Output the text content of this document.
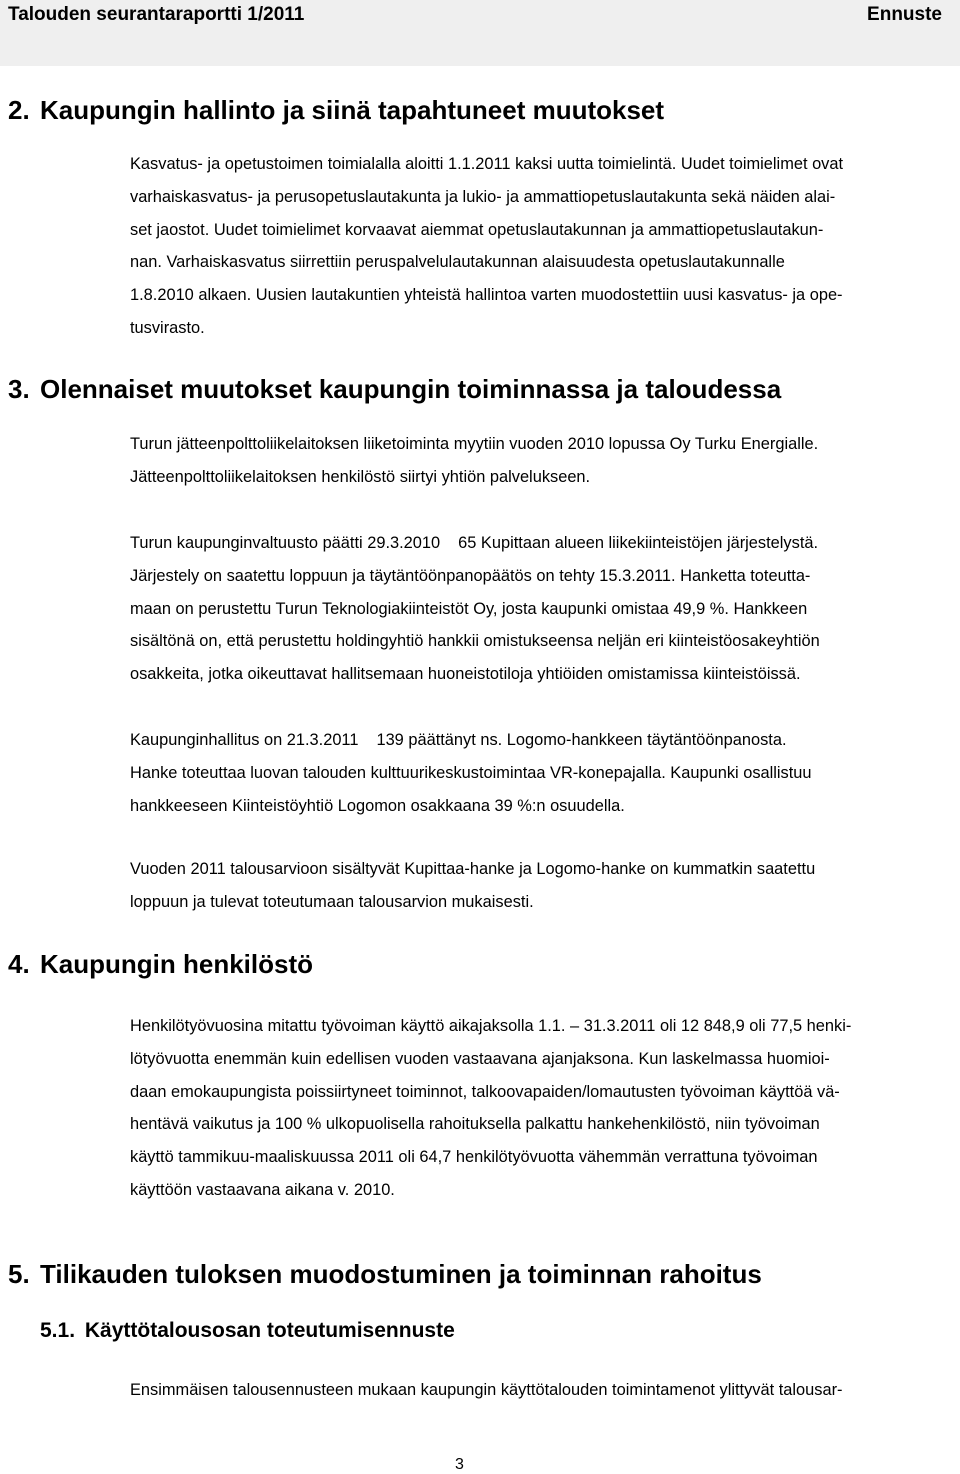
Talouden seurantaraportti 1/2011	Ennuste
2. Kaupungin hallinto ja siinä tapahtuneet muutokset
Kasvatus- ja opetustoimen toimialalla aloitti 1.1.2011 kaksi uutta toimielintä. Uudet toimielimet ovat
varhaiskasvatus- ja perusopetuslautakunta ja lukio- ja ammattiopetuslautakunta sekä näiden alai-
set jaostot. Uudet toimielimet korvaavat aiemmat opetuslautakunnan ja ammattiopetuslautakun-
nan. Varhaiskasvatus siirrettiin peruspalvelulautakunnan alaisuudesta opetuslautakunnalle
1.8.2010 alkaen. Uusien lautakuntien yhteistä hallintoa varten muodostettiin uusi kasvatus- ja ope-
tusvirasto.
3. Olennaiset muutokset kaupungin toiminnassa ja taloudessa
Turun jätteenpolttoliikelaitoksen liiketoiminta myytiin vuoden 2010 lopussa Oy Turku Energialle.
Jätteenpolttoliikelaitoksen henkilöstö siirtyi yhtiön palvelukseen.
Turun kaupunginvaltuusto päätti 29.3.2010 65 Kupittaan alueen liikekiinteistöjen järjestelystä.
Järjestely on saatettu loppuun ja täytäntöönpanopäätös on tehty 15.3.2011. Hanketta toteutta-
maan on perustettu Turun Teknologiakiinteistöt Oy, josta kaupunki omistaa 49,9 %. Hankkeen
sisältönä on, että perustettu holdingyhtiö hankkii omistukseensa neljän eri kiinteistöosakeyhtiön
osakkeita, jotka oikeuttavat hallitsemaan huoneistotiloja yhtiöiden omistamissa kiinteistöissä.
Kaupunginhallitus on 21.3.2011 139 päättänyt ns. Logomo-hankkeen täytäntöönpanosta.
Hanke toteuttaa luovan talouden kulttuurikeskustoimintaa VR-konepajalla. Kaupunki osallistuu
hankkeeseen Kiinteistöyhtiö Logomon osakkaana 39 %:n osuudella.
Vuoden 2011 talousarvioon sisältyvät Kupittaa-hanke ja Logomo-hanke on kummatkin saatettu
loppuun ja tulevat toteutumaan talousarvion mukaisesti.
4. Kaupungin henkilöstö
Henkilötyövuosina mitattu työvoiman käyttö aikajaksolla 1.1. – 31.3.2011 oli 12 848,9 oli 77,5 henki-
lötyövuotta enemmän kuin edellisen vuoden vastaavana ajanjaksona. Kun laskelmassa huomioi-
daan emokaupungista poissiirtyneet toiminnot, talkoovapaiden/lomautusten työvoiman käyttöä vä-
hentävä vaikutus ja 100 % ulkopuolisella rahoituksella palkattu hankehenkilöstö, niin työvoiman
käyttö tammikuu-maaliskuussa 2011 oli 64,7 henkilötyövuotta vähemmän verrattuna työvoiman
käyttöön vastaavana aikana v. 2010.
5. Tilikauden tuloksen muodostuminen ja toiminnan rahoitus
5.1. Käyttötalousosan toteutumisennuste
Ensimmäisen talousennusteen mukaan kaupungin käyttötalouden toimintamenot ylittyvät talousar-
3
